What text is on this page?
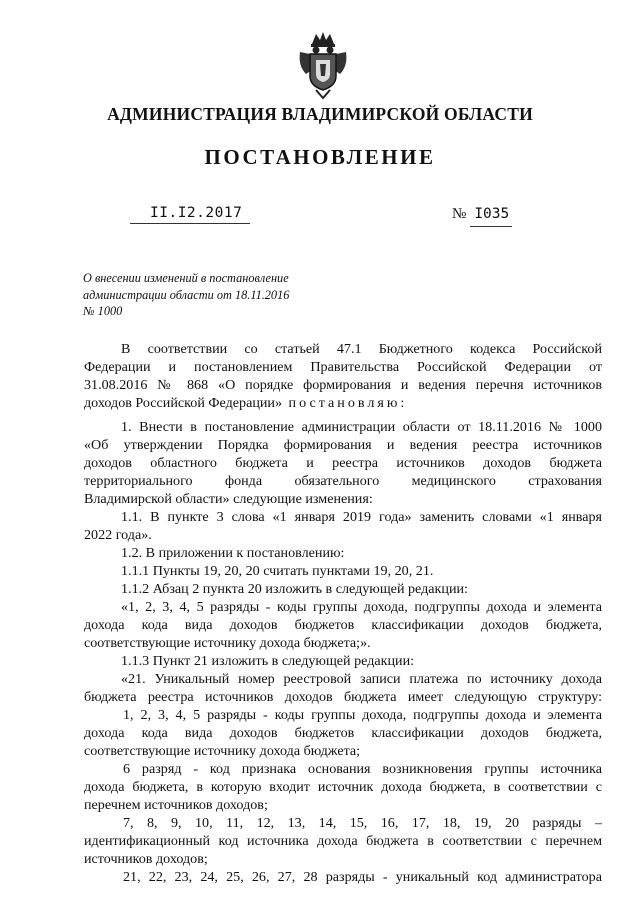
АДМИНИСТРАЦИЯ ВЛАДИМИРСКОЙ ОБЛАСТИ
ПОСТАНОВЛЕНИЕ
II.I2.2017	№ I035
О внесении изменений в постановление
администрации области от 18.11.2016
№ 1000
В соответствии со статьей 47.1 Бюджетного кодекса Российской
Федерации и постановлением Правительства Российской Федерации от
31.08.2016 № 868 «О порядке формирования и ведения перечня источников
доходов Российской Федерации» постановляю:
1. Внести в постановление администрации области от 18.11.2016 № 1000
«Об утверждении Порядка формирования и ведения реестра источников
доходов областного бюджета и реестра источников доходов бюджета
территориального фонда обязательного медицинского страхования
Владимирской области» следующие изменения:
1.1. В пункте 3 слова «1 января 2019 года» заменить словами «1 января
2022 года».
1.2. В приложении к постановлению:
1.1.1 Пункты 19, 20, 20 считать пунктами 19, 20, 21.
1.1.2 Абзац 2 пункта 20 изложить в следующей редакции:
«1, 2, 3, 4, 5 разряды - коды группы дохода, подгруппы дохода и элемента
дохода кода вида доходов бюджетов классификации доходов бюджета,
соответствующие источнику дохода бюджета;».
1.1.3 Пункт 21 изложить в следующей редакции:
«21. Уникальный номер реестровой записи платежа по источнику дохода
бюджета реестра источников доходов бюджета имеет следующую структуру:
1, 2, 3, 4, 5 разряды - коды группы дохода, подгруппы дохода и элемента
дохода кода вида доходов бюджетов классификации доходов бюджета,
соответствующие источнику дохода бюджета;
6 разряд - код признака основания возникновения группы источника
дохода бюджета, в которую входит источник дохода бюджета, в соответствии с
перечнем источников доходов;
7, 8, 9, 10, 11, 12, 13, 14, 15, 16, 17, 18, 19, 20 разряды –
идентификационный код источника дохода бюджета в соответствии с перечнем
источников доходов;
21, 22, 23, 24, 25, 26, 27, 28 разряды - уникальный код администратора
